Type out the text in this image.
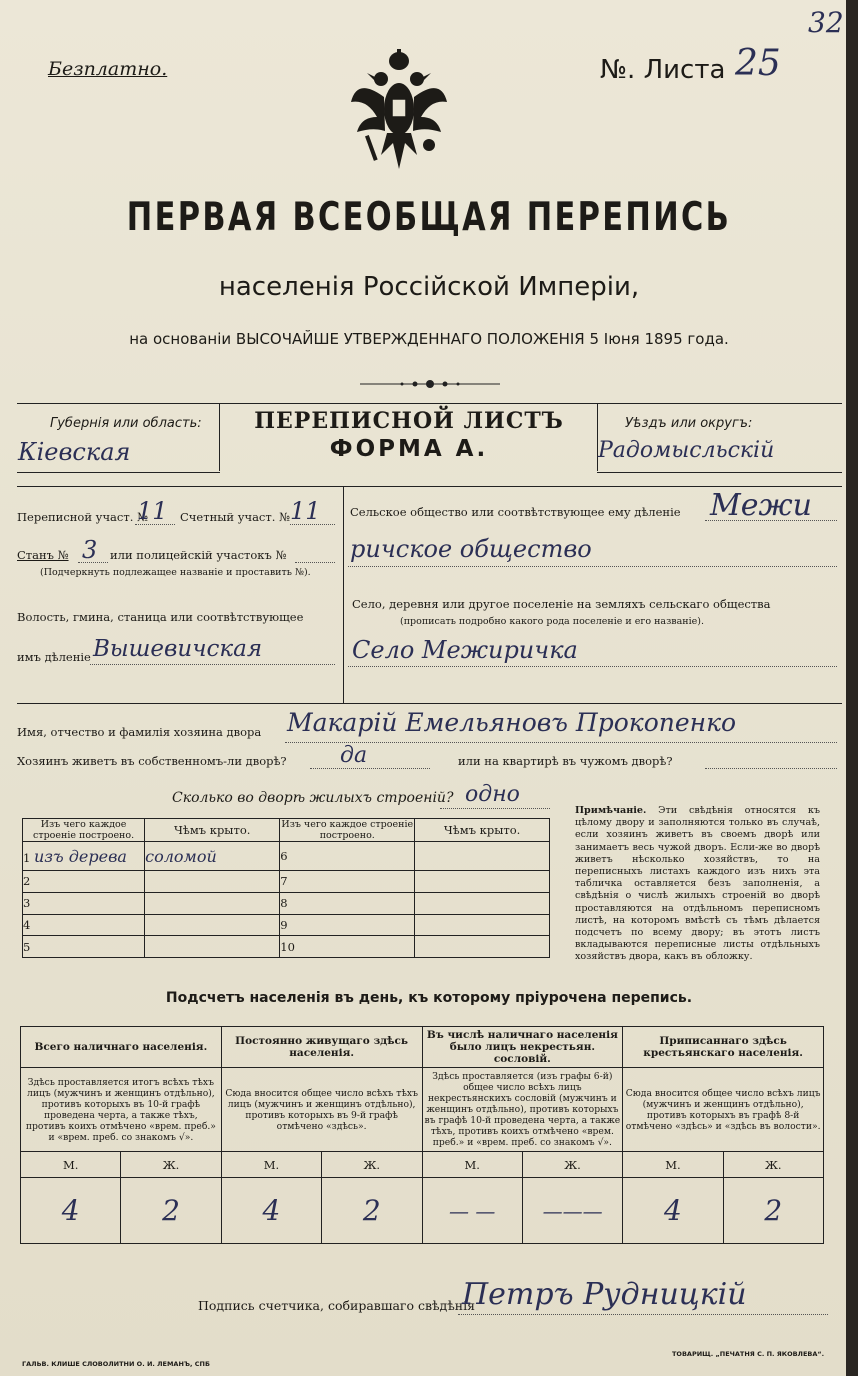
Безплатно.	№. Листа 25
32
ПЕРВАЯ ВСЕОБЩАЯ ПЕРЕПИСЬ
населенія Россійской Имперіи,
на основаніи ВЫСОЧАЙШЕ УТВЕРЖДЕННАГО ПОЛОЖЕНІЯ 5 Іюня 1895 года.
Губернія или область:
Кіевская
ПЕРЕПИСНОЙ ЛИСТЪ
ФОРМА А.
Уѣздъ или округъ:
Радомысльскій
Переписной участ. №
11 Счетный участ. № 11
Станъ № 3 или полицейскій участокъ №
(Подчеркнуть подлежащее названіе и проставить №).
Волость, гмина, станица или соотвѣтствующее
имъ дѣленіе Вышевичская
Сельское общество или соотвѣтствующее ему дѣленіе Межи
ричское общество
Село, деревня или другое поселеніе на земляхъ сельскаго общества
(прописать подробно какого рода поселеніе и его названіе).
Село Межиричка
Имя, отчество и фамилія хозяина двора Макарій Емельяновъ Прокопенко
Хозяинъ живетъ въ собственномъ-ли дворѣ? да	или на квартирѣ въ чужомъ дворѣ?
Сколько во дворѣ жилыхъ строеній? одно
Изъ чего каждое строеніе построено.	Чѣмъ крыто.	Изъ чего каждое строеніе построено.	Чѣмъ крыто.
1 изъ дерева	соломой	6	
2		7	
3		8	
4		9	
5		10	
Примѣчаніе. Эти свѣдѣнія относятся къ цѣлому двору и заполняются только въ случаѣ, если хозяинъ живетъ въ своемъ дворѣ или занимаетъ весь чужой дворъ. Если-же во дворѣ живетъ нѣсколько хозяйствъ, то на переписныхъ листахъ каждого изъ нихъ эта табличка оставляется безъ заполненія, а свѣдѣнія о числѣ жилыхъ строеній во дворѣ проставляются на отдѣльномъ переписномъ листѣ, на которомъ вмѣстѣ съ тѣмъ дѣлается подсчетъ по всему двору; въ этотъ листъ вкладываются переписные листы отдѣльныхъ хозяйствъ двора, какъ въ обложку.
Подсчетъ населенія въ день, къ которому пріурочена перепись.
Всего наличнаго населенія.		Постоянно живущаго здѣсь населенія.		Въ числѣ наличнаго населенія было лицъ некрестьян. сословій.		Приписаннаго здѣсь крестьянскаго населенія.	
Здѣсь проставляется итогъ всѣхъ тѣхъ лицъ (мужчинъ и женщинъ отдѣльно), противъ которыхъ въ 10-й графѣ проведена черта, а также тѣхъ, противъ коихъ отмѣчено «врем. преб.» и «врем. преб. со знакомъ √».		Сюда вносится общее число всѣхъ тѣхъ лицъ (мужчинъ и женщинъ отдѣльно), противъ которыхъ въ 9-й графѣ отмѣчено «здѣсь».		Здѣсь проставляется (изъ графы 6-й) общее число всѣхъ лицъ некрестьянскихъ сословій (мужчинъ и женщинъ отдѣльно), противъ которыхъ въ графѣ 10-й проведена черта, а также тѣхъ, противъ коихъ отмѣчено «врем. преб.» и «врем. преб. со знакомъ √».		Сюда вносится общее число всѣхъ лицъ (мужчинъ и женщинъ отдѣльно), противъ которыхъ въ графѣ 8-й отмѣчено «здѣсь» и «здѣсь въ волости».	
М.	Ж.	М.	Ж.	М.	Ж.	М.	Ж.
4	2	4	2	— —	———	4	2
Подпись счетчика, собиравшаго свѣдѣнія
Петръ Рудницкій
ГАЛЬВ. КЛИШЕ СЛОВОЛИТНИ О. И. ЛЕМАНЪ, СПБ
ТОВАРИЩ. „ПЕЧАТНЯ С. П. ЯКОВЛЕВА“.
